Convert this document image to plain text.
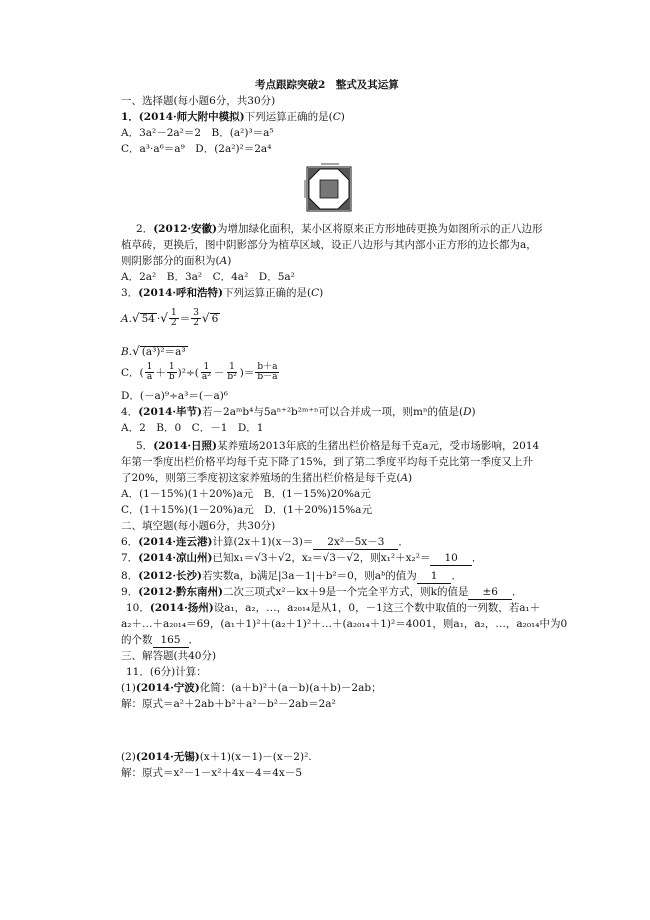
考点跟踪突破2　整式及其运算
一、选择题(每小题6分，共30分)
1．(2014·师大附中模拟)下列运算正确的是(C)
A．3a²－2a²＝2　B．(a²)³＝a⁵
C．a³·a⁶＝a⁹　D．(2a²)²＝2a⁴
2．(2012·安徽)为增加绿化面积，某小区将原来正方形地砖更换为如图所示的正八边形
植草砖，更换后，图中阴影部分为植草区域，设正八边形与其内部小正方形的边长都为a，
则阴影部分的面积为(A)
A．2a²　B．3a²　C．4a²　D．5a²
3．(2014·呼和浩特)下列运算正确的是(C)
A.√ 54 ·√ $\frac{1}{2} = \frac{3}{2}$ √ 6
B.√ (a³)²＝a³
C．( $\frac{1}{a} + \frac{1}{b} )^2\div( \frac{1}{\text{a²}} - \frac{1}{\text{b²}}$ )＝ $\frac{b+a}{b-a}$
D．(－a)⁹÷a³＝(－a)⁶
4．(2014·毕节)若－2aᵐb⁴与5aⁿ⁺²b²ᵐ⁺ⁿ可以合并成一项，则mⁿ的值是(D)
A．2　B．0　C．－1　D．1
5．(2014·日照)某养殖场2013年底的生猪出栏价格是每千克a元，受市场影响，2014
年第一季度出栏价格平均每千克下降了15%，到了第二季度平均每千克比第一季度又上升
了20%，则第三季度初这家养殖场的生猪出栏价格是每千克(A)
A．(1－15%)(1＋20%)a元　B．(1－15%)20%a元
C．(1＋15%)(1－20%)a元　D．(1＋20%)15%a元
二、填空题(每小题6分，共30分)
6．(2014·连云港)计算(2x＋1)(x－3)＝ 2x²－5x－3 ．
7．(2014·凉山州)已知x₁＝√3＋√2，x₂＝√3－√2，则x₁²＋x₂²＝ 10 ．
8．(2012·长沙)若实数a，b满足|3a－1|＋b²＝0，则aᵇ的值为 1 ．
9．(2012·黔东南州)二次三项式x²－kx＋9是一个完全平方式，则k的值是 ±6 ．
10．(2014·扬州)设a₁，a₂，…，a₂₀₁₄是从1，0，－1这三个数中取值的一列数，若a₁＋
a₂＋…＋a₂₀₁₄＝69，(a₁＋1)²＋(a₂＋1)²＋…＋(a₂₀₁₄＋1)²＝4001，则a₁，a₂，…，a₂₀₁₄中为0
的个数 165 ．
三、解答题(共40分)
11．(6分)计算：
(1)(2014·宁波)化简：(a＋b)²＋(a－b)(a＋b)－2ab；
解：原式＝a²＋2ab＋b²＋a²－b²－2ab＝2a²
(2)(2014·无锡)(x＋1)(x－1)－(x－2)².
解：原式＝x²－1－x²＋4x－4＝4x－5
